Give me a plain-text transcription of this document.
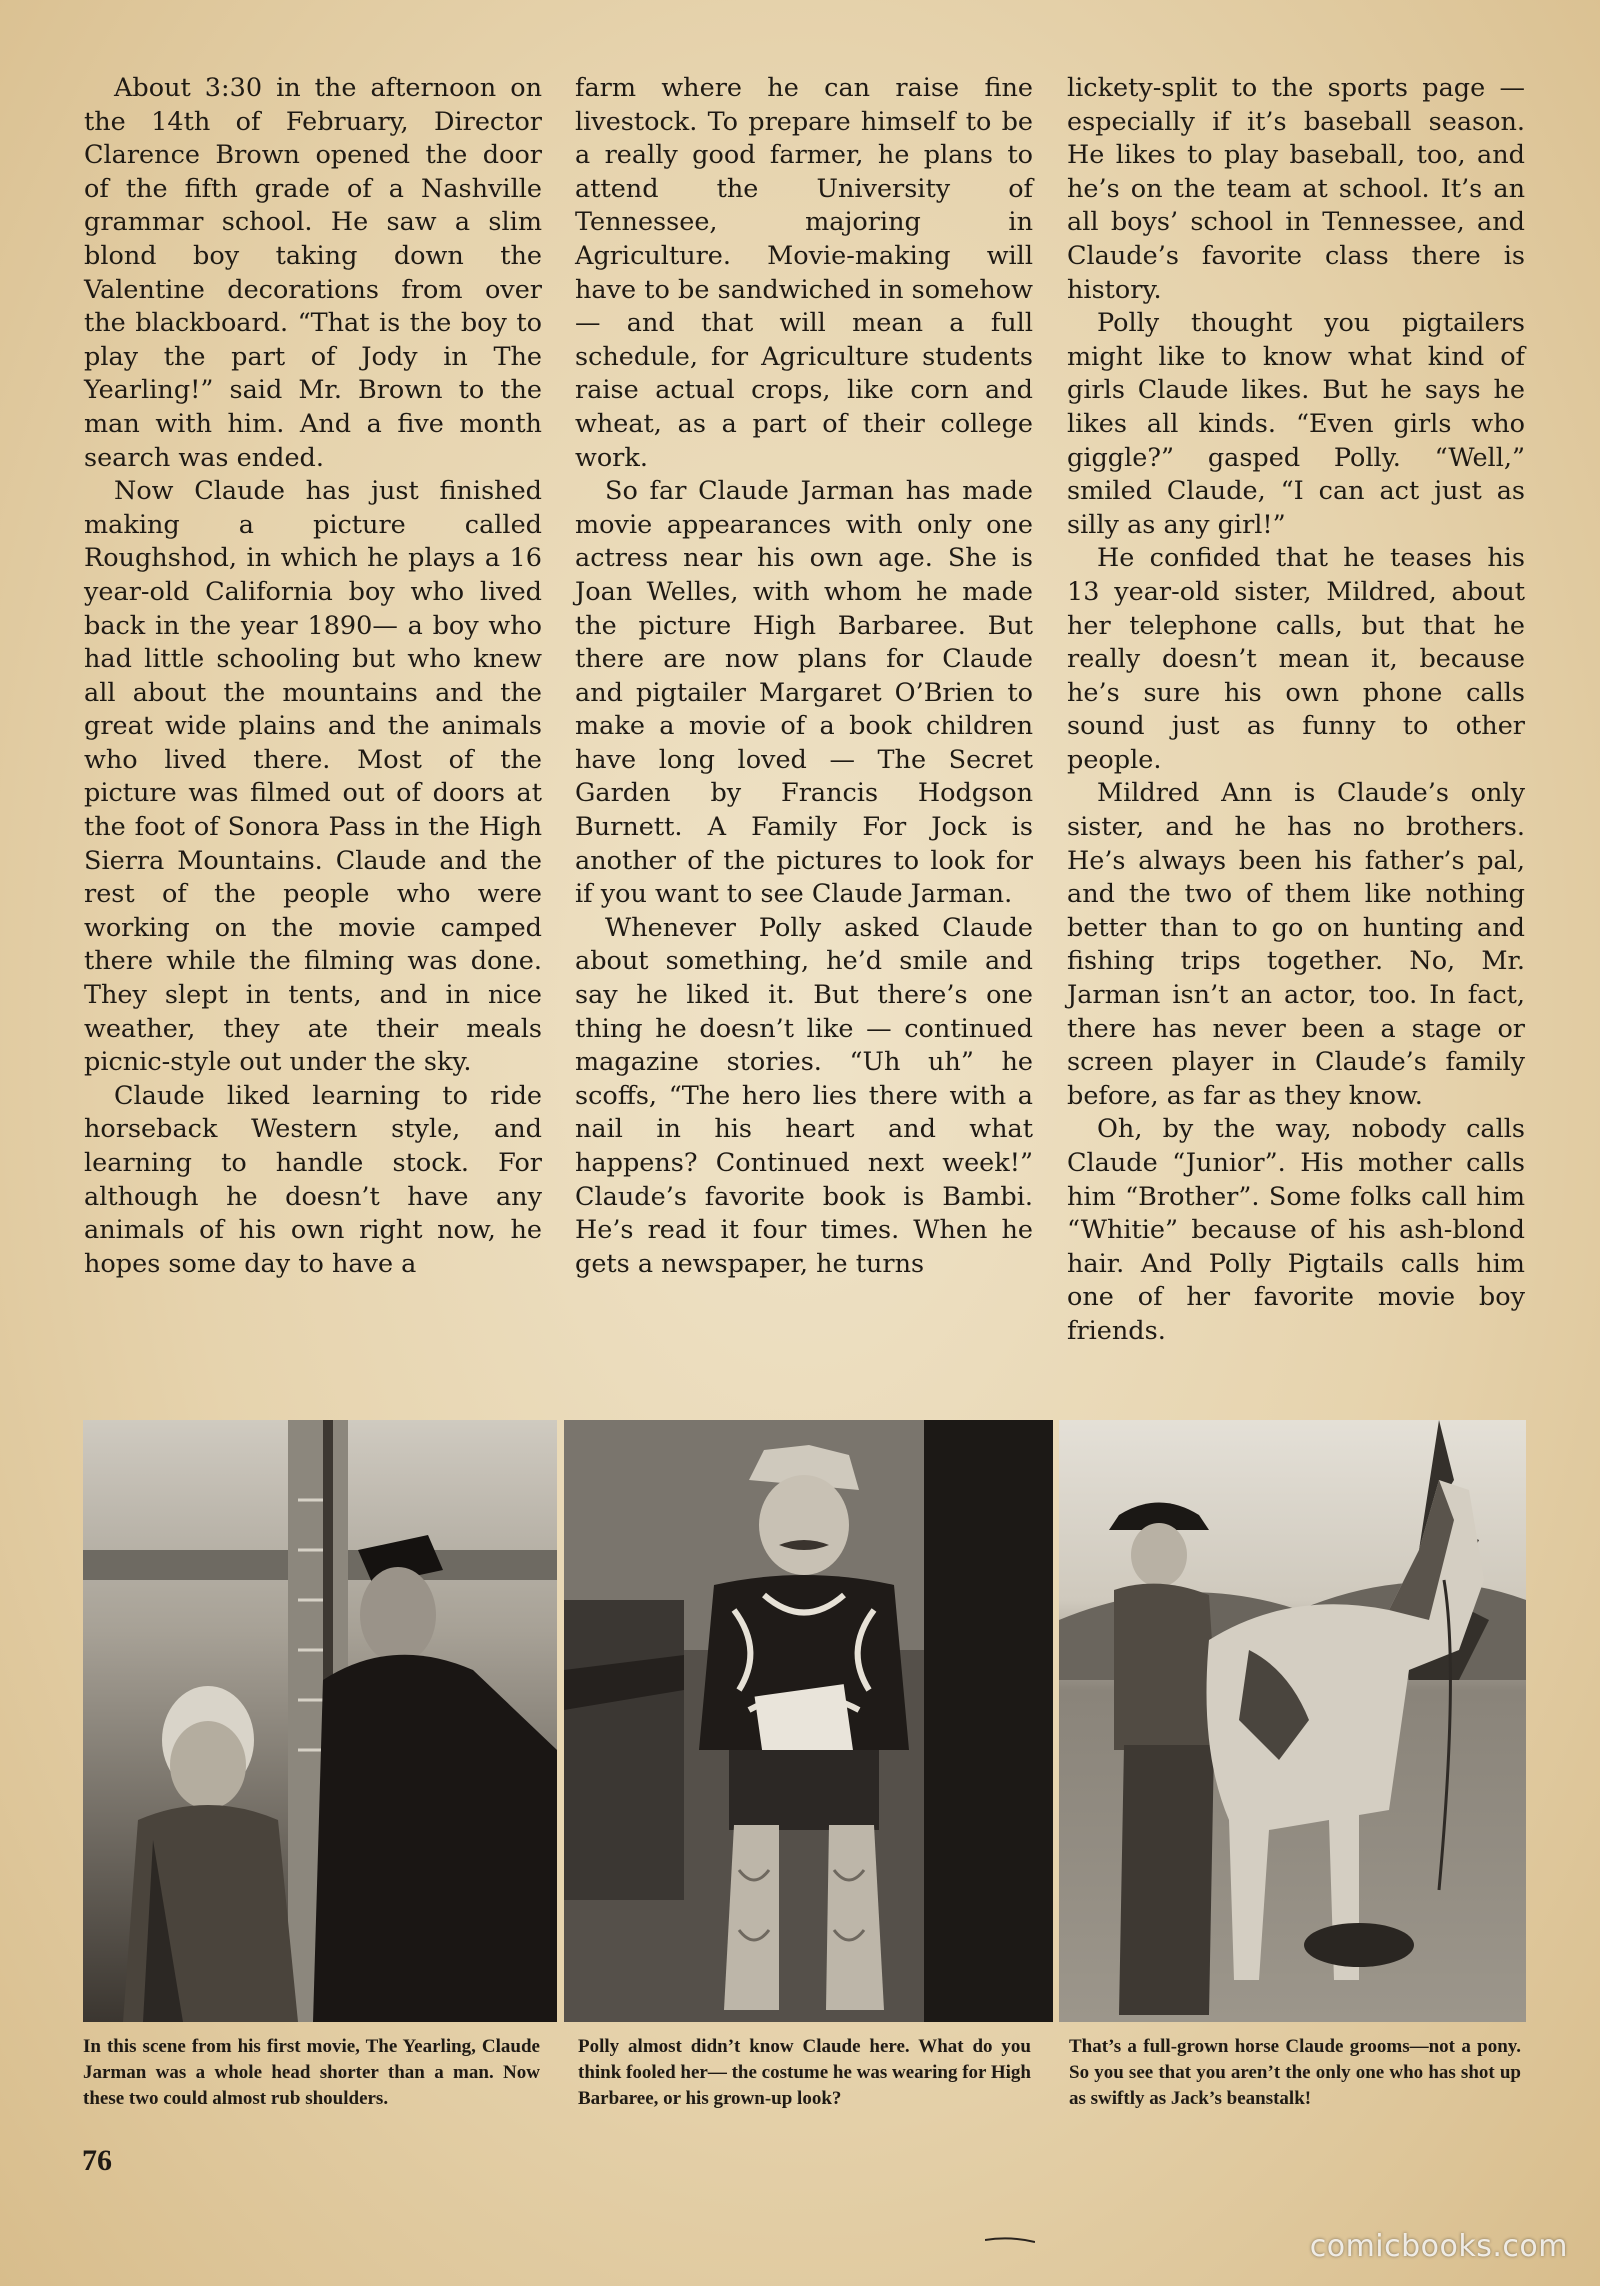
About 3:30 in the afternoon on the 14th of February, Director Clarence Brown opened the door of the fifth grade of a Nashville grammar school. He saw a slim blond boy taking down the Valentine decorations from over the blackboard. “That is the boy to play the part of Jody in The Yearling!” said Mr. Brown to the man with him. And a five month search was ended.

Now Claude has just finished making a picture called Roughshod, in which he plays a 16 year-old California boy who lived back in the year 1890— a boy who had little schooling but who knew all about the mountains and the great wide plains and the animals who lived there. Most of the picture was filmed out of doors at the foot of Sonora Pass in the High Sierra Mountains. Claude and the rest of the people who were working on the movie camped there while the filming was done. They slept in tents, and in nice weather, they ate their meals picnic-style out under the sky.

Claude liked learning to ride horseback Western style, and learning to handle stock. For although he doesn’t have any animals of his own right now, he hopes some day to have a

farm where he can raise fine livestock. To prepare himself to be a really good farmer, he plans to attend the University of Tennessee, majoring in Agriculture. Movie-making will have to be sandwiched in somehow — and that will mean a full schedule, for Agriculture students raise actual crops, like corn and wheat, as a part of their college work.

So far Claude Jarman has made movie appearances with only one actress near his own age. She is Joan Welles, with whom he made the picture High Barbaree. But there are now plans for Claude and pigtailer Margaret O’Brien to make a movie of a book children have long loved — The Secret Garden by Francis Hodgson Burnett. A Family For Jock is another of the pictures to look for if you want to see Claude Jarman.

Whenever Polly asked Claude about something, he’d smile and say he liked it. But there’s one thing he doesn’t like — continued magazine stories. “Uh uh” he scoffs, “The hero lies there with a nail in his heart and what happens? Continued next week!” Claude’s favorite book is Bambi. He’s read it four times. When he gets a newspaper, he turns

lickety-split to the sports page —especially if it’s baseball season. He likes to play baseball, too, and he’s on the team at school. It’s an all boys’ school in Tennessee, and Claude’s favorite class there is history.

Polly thought you pigtailers might like to know what kind of girls Claude likes. But he says he likes all kinds. “Even girls who giggle?” gasped Polly. “Well,” smiled Claude, “I can act just as silly as any girl!”

He confided that he teases his 13 year-old sister, Mildred, about her telephone calls, but that he really doesn’t mean it, because he’s sure his own phone calls sound just as funny to other people.

Mildred Ann is Claude’s only sister, and he has no brothers. He’s always been his father’s pal, and the two of them like nothing better than to go on hunting and fishing trips together. No, Mr. Jarman isn’t an actor, too. In fact, there has never been a stage or screen player in Claude’s family before, as far as they know.

Oh, by the way, nobody calls Claude “Junior”. His mother calls him “Brother”. Some folks call him “Whitie” because of his ash-blond hair. And Polly Pigtails calls him one of her favorite movie boy friends.

In this scene from his first movie, The Yearling, Claude Jarman was a whole head shorter than a man. Now these two could almost rub shoulders.
Polly almost didn’t know Claude here. What do you think fooled her— the costume he was wearing for High Barbaree, or his grown-up look?
That’s a full-grown horse Claude grooms—not a pony. So you see that you aren’t the only one who has shot up as swiftly as Jack’s beanstalk!
76
comicbooks.com
